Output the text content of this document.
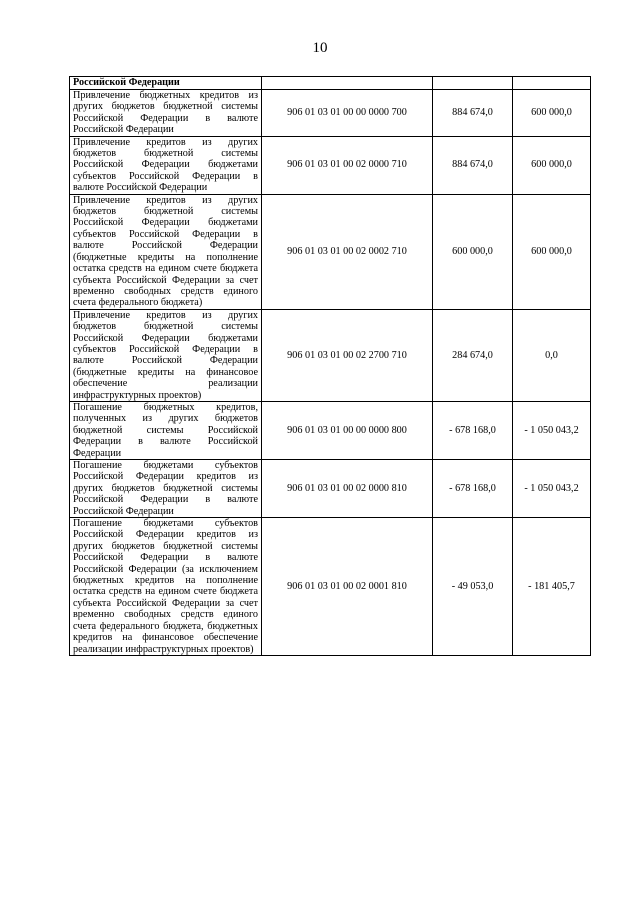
10
Российской Федерации			
Привлечение бюджетных кредитов из других бюджетов бюджетной системы Российской Федерации в валюте Российской Федерации	906 01 03 01 00 00 0000 700	884 674,0	600 000,0
Привлечение кредитов из других бюджетов бюджетной системы Российской Федерации бюджетами субъектов Российской Федерации в валюте Российской Федерации	906 01 03 01 00 02 0000 710	884 674,0	600 000,0
Привлечение кредитов из других бюджетов бюджетной системы Российской Федерации бюджетами субъектов Российской Федерации в валюте Российской Федерации (бюджетные кредиты на пополнение остатка средств на едином счете бюджета субъекта Российской Федерации за счет временно свободных средств единого счета федерального бюджета)	906 01 03 01 00 02 0002 710	600 000,0	600 000,0
Привлечение кредитов из других бюджетов бюджетной системы Российской Федерации бюджетами субъектов Российской Федерации в валюте Российской Федерации (бюджетные кредиты на финансовое обеспечение реализации инфраструктурных проектов)	906 01 03 01 00 02 2700 710	284 674,0	0,0
Погашение бюджетных кредитов, полученных из других бюджетов бюджетной системы Российской Федерации в валюте Российской Федерации	906 01 03 01 00 00 0000 800	- 678 168,0	- 1 050 043,2
Погашение бюджетами субъектов Российской Федерации кредитов из других бюджетов бюджетной системы Российской Федерации в валюте Российской Федерации	906 01 03 01 00 02 0000 810	- 678 168,0	- 1 050 043,2
Погашение бюджетами субъектов Российской Федерации кредитов из других бюджетов бюджетной системы Российской Федерации в валюте Российской Федерации (за исключением бюджетных кредитов на пополнение остатка средств на едином счете бюджета субъекта Российской Федерации за счет временно свободных средств единого счета федерального бюджета, бюджетных кредитов на финансовое обеспечение реализации инфраструктурных проектов)	906 01 03 01 00 02 0001 810	- 49 053,0	- 181 405,7
